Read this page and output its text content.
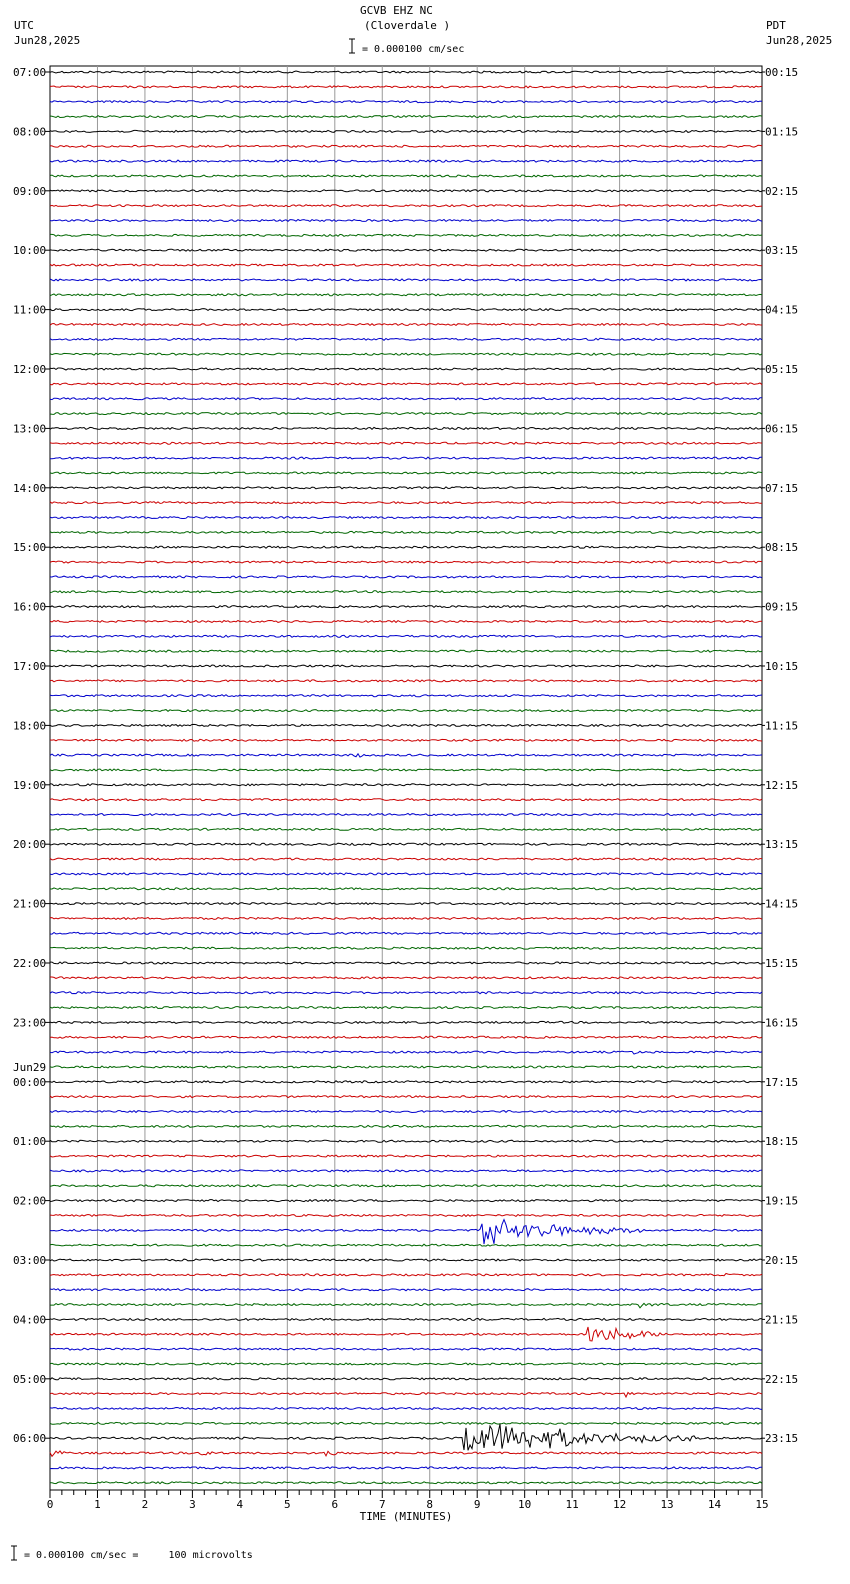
GCVB EHZ NC
(Cloverdale )
= 0.000100 cm/sec
UTC
Jun28,2025
PDT
Jun28,2025
= 0.000100 cm/sec =     100 microvolts
07:00	00:15
08:00	01:15
09:00	02:15
10:00	03:15
11:00	04:15
12:00	05:15
13:00	06:15
14:00	07:15
15:00	08:15
16:00	09:15
17:00	10:15
18:00	11:15
19:00	12:15
20:00	13:15
21:00	14:15
22:00	15:15
23:00	16:15
00:00	17:15
01:00	18:15
02:00	19:15
03:00	20:15
04:00	21:15
05:00	22:15
06:00	23:15
Jun29
0	1	2	3	4	5	6	7	8	9	10	11	12	13	14	15
TIME (MINUTES)
